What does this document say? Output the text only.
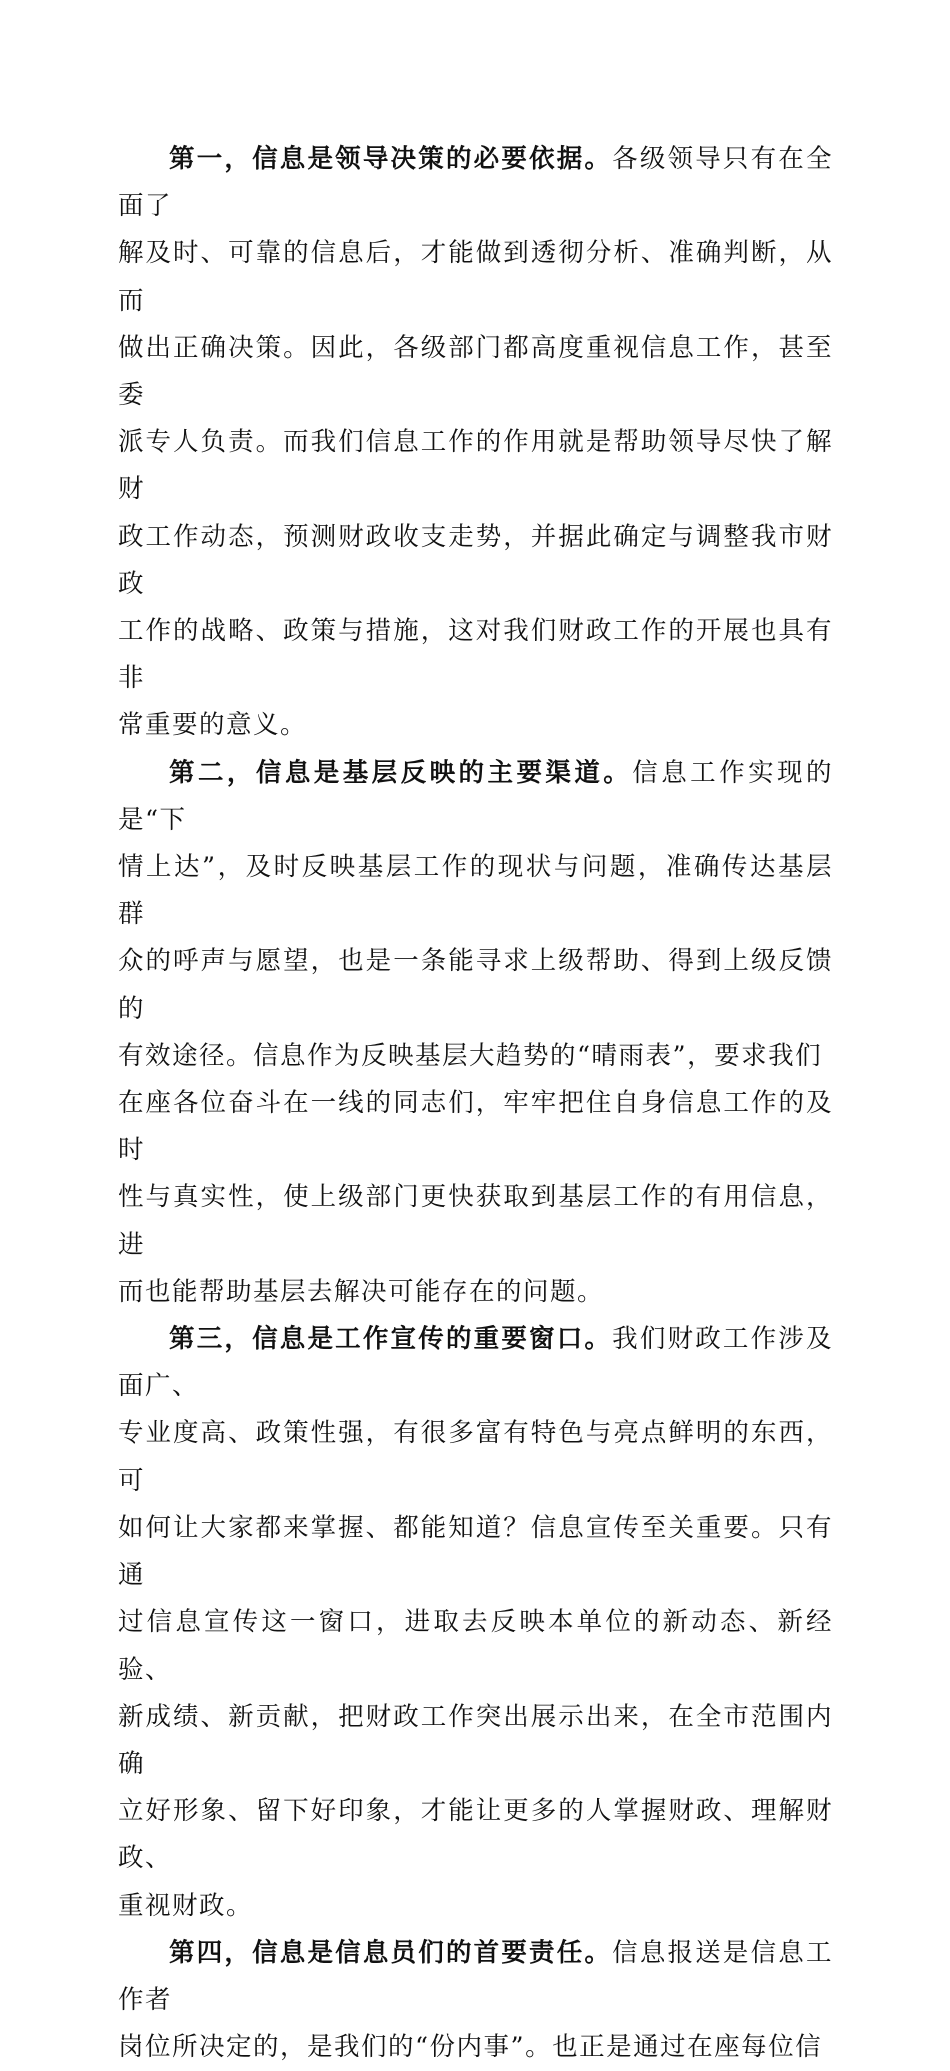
第一，信息是领导决策的必要依据。各级领导只有在全面了
解及时、可靠的信息后，才能做到透彻分析、准确判断，从而
做出正确决策。因此，各级部门都高度重视信息工作，甚至委
派专人负责。而我们信息工作的作用就是帮助领导尽快了解财
政工作动态，预测财政收支走势，并据此确定与调整我市财政
工作的战略、政策与措施，这对我们财政工作的开展也具有非
常重要的意义。

第二，信息是基层反映的主要渠道。信息工作实现的是“下
情上达”，及时反映基层工作的现状与问题，准确传达基层群
众的呼声与愿望，也是一条能寻求上级帮助、得到上级反馈的
有效途径。信息作为反映基层大趋势的“晴雨表”，要求我们
在座各位奋斗在一线的同志们，牢牢把住自身信息工作的及时
性与真实性，使上级部门更快获取到基层工作的有用信息，进
而也能帮助基层去解决可能存在的问题。

第三，信息是工作宣传的重要窗口。我们财政工作涉及面广、
专业度高、政策性强，有很多富有特色与亮点鲜明的东西，可
如何让大家都来掌握、都能知道？信息宣传至关重要。只有通
过信息宣传这一窗口，进取去反映本单位的新动态、新经验、
新成绩、新贡献，把财政工作突出展示出来，在全市范围内确
立好形象、留下好印象，才能让更多的人掌握财政、理解财政、
重视财政。

第四，信息是信息员们的首要责任。信息报送是信息工作者
岗位所决定的，是我们的“份内事”。也正是通过在座每位信
